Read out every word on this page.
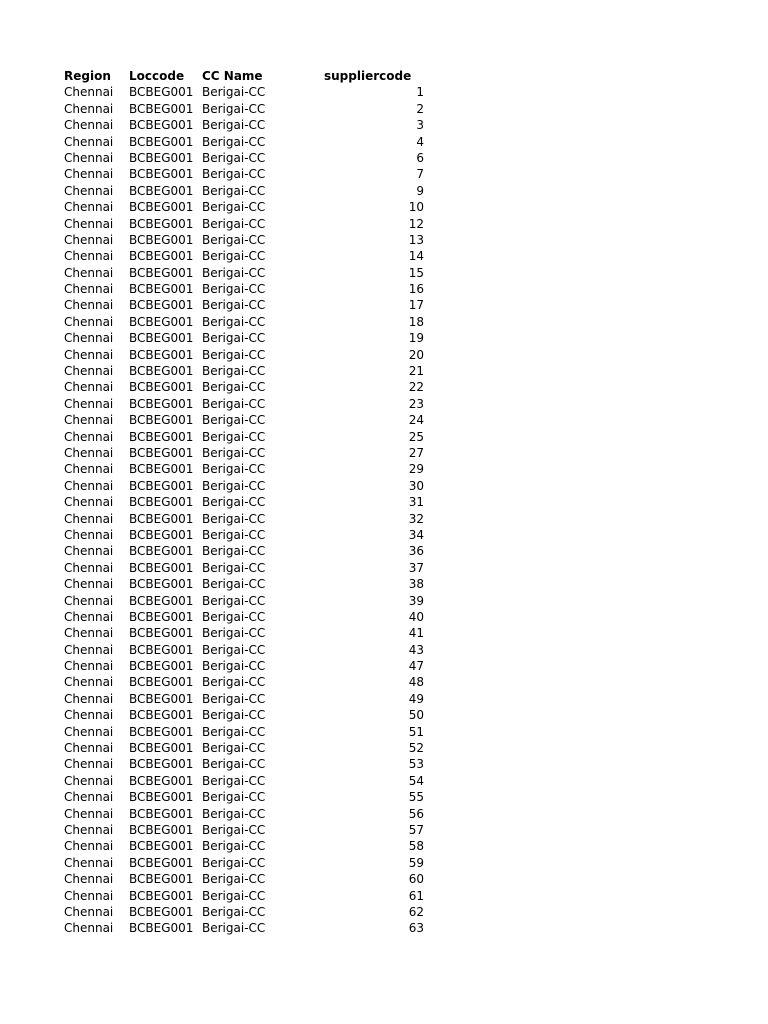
Region Loccode CC Name	suppliercode
Chennai BCBEG001 Berigai-CC	1
Chennai BCBEG001 Berigai-CC	2
Chennai BCBEG001 Berigai-CC	3
Chennai BCBEG001 Berigai-CC	4
Chennai BCBEG001 Berigai-CC	6
Chennai BCBEG001 Berigai-CC	7
Chennai BCBEG001 Berigai-CC	9
Chennai BCBEG001 Berigai-CC	10
Chennai BCBEG001 Berigai-CC	12
Chennai BCBEG001 Berigai-CC	13
Chennai BCBEG001 Berigai-CC	14
Chennai BCBEG001 Berigai-CC	15
Chennai BCBEG001 Berigai-CC	16
Chennai BCBEG001 Berigai-CC	17
Chennai BCBEG001 Berigai-CC	18
Chennai BCBEG001 Berigai-CC	19
Chennai BCBEG001 Berigai-CC	20
Chennai BCBEG001 Berigai-CC	21
Chennai BCBEG001 Berigai-CC	22
Chennai BCBEG001 Berigai-CC	23
Chennai BCBEG001 Berigai-CC	24
Chennai BCBEG001 Berigai-CC	25
Chennai BCBEG001 Berigai-CC	27
Chennai BCBEG001 Berigai-CC	29
Chennai BCBEG001 Berigai-CC	30
Chennai BCBEG001 Berigai-CC	31
Chennai BCBEG001 Berigai-CC	32
Chennai BCBEG001 Berigai-CC	34
Chennai BCBEG001 Berigai-CC	36
Chennai BCBEG001 Berigai-CC	37
Chennai BCBEG001 Berigai-CC	38
Chennai BCBEG001 Berigai-CC	39
Chennai BCBEG001 Berigai-CC	40
Chennai BCBEG001 Berigai-CC	41
Chennai BCBEG001 Berigai-CC	43
Chennai BCBEG001 Berigai-CC	47
Chennai BCBEG001 Berigai-CC	48
Chennai BCBEG001 Berigai-CC	49
Chennai BCBEG001 Berigai-CC	50
Chennai BCBEG001 Berigai-CC	51
Chennai BCBEG001 Berigai-CC	52
Chennai BCBEG001 Berigai-CC	53
Chennai BCBEG001 Berigai-CC	54
Chennai BCBEG001 Berigai-CC	55
Chennai BCBEG001 Berigai-CC	56
Chennai BCBEG001 Berigai-CC	57
Chennai BCBEG001 Berigai-CC	58
Chennai BCBEG001 Berigai-CC	59
Chennai BCBEG001 Berigai-CC	60
Chennai BCBEG001 Berigai-CC	61
Chennai BCBEG001 Berigai-CC	62
Chennai BCBEG001 Berigai-CC	63
